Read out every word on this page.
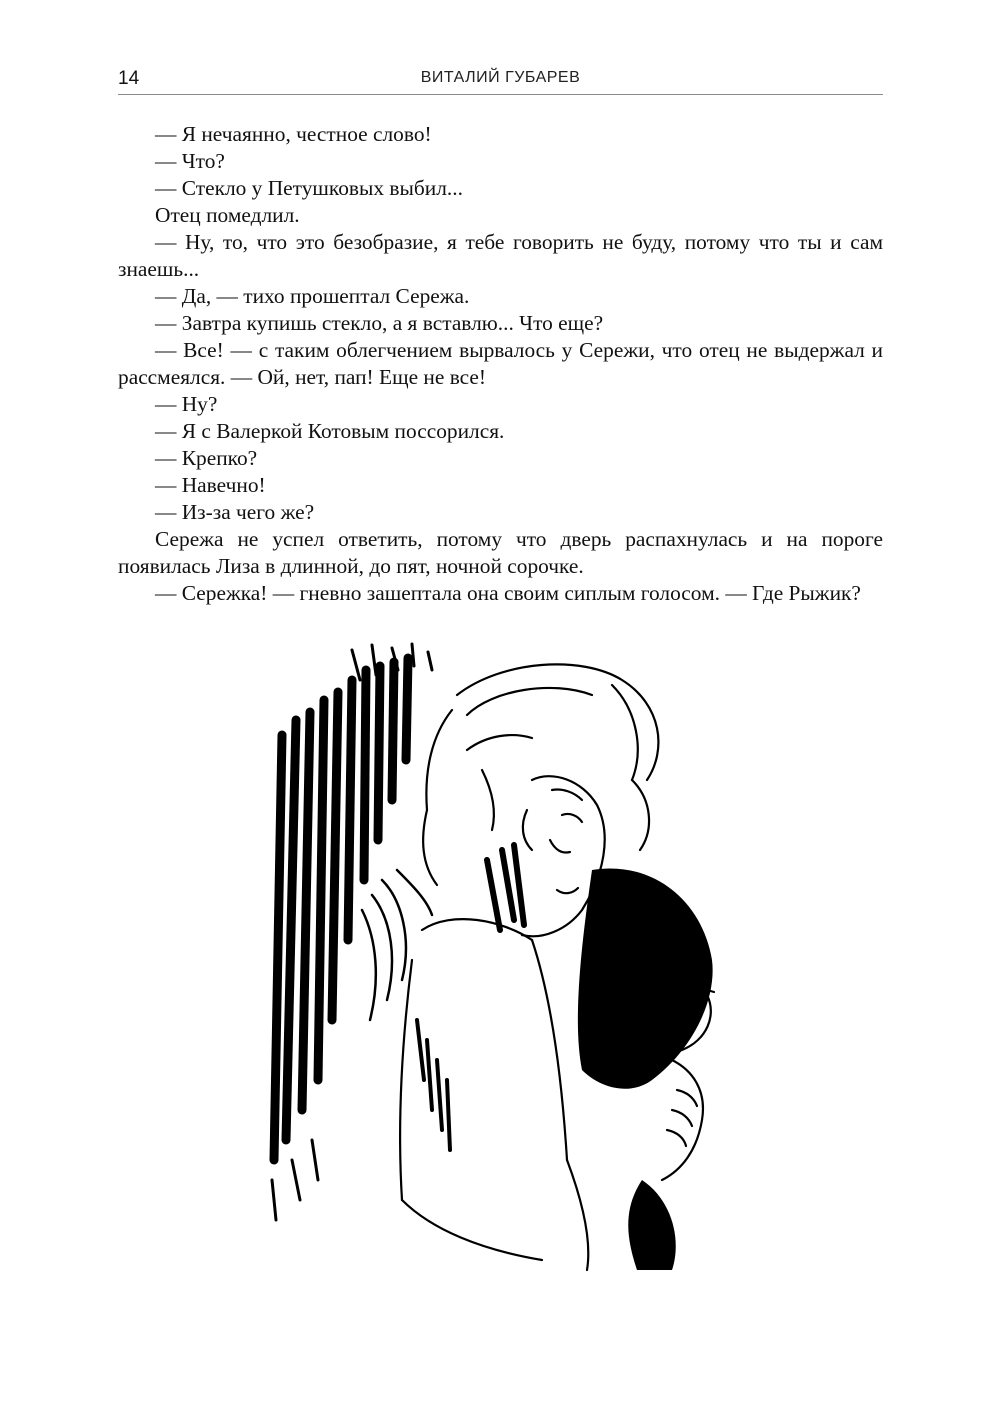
14	ВИТАЛИЙ ГУБАРЕВ

— Я нечаянно, честное слово!

— Что?

— Стекло у Петушковых выбил...

Отец помедлил.

— Ну, то, что это безобразие, я тебе говорить не буду, потому что ты и сам знаешь...

— Да, — тихо прошептал Сережа.

— Завтра купишь стекло, а я вставлю... Что еще?

— Все! — с таким облегчением вырвалось у Сережи, что отец не выдержал и рассмеялся. — Ой, нет, пап! Еще не все!

— Ну?

— Я с Валеркой Котовым поссорился.

— Крепко?

— Навечно!

— Из-за чего же?

Сережа не успел ответить, потому что дверь распахнулась и на пороге появилась Лиза в длинной, до пят, ночной сорочке.

— Сережка! — гневно зашептала она своим сиплым голосом. — Где Рыжик?
